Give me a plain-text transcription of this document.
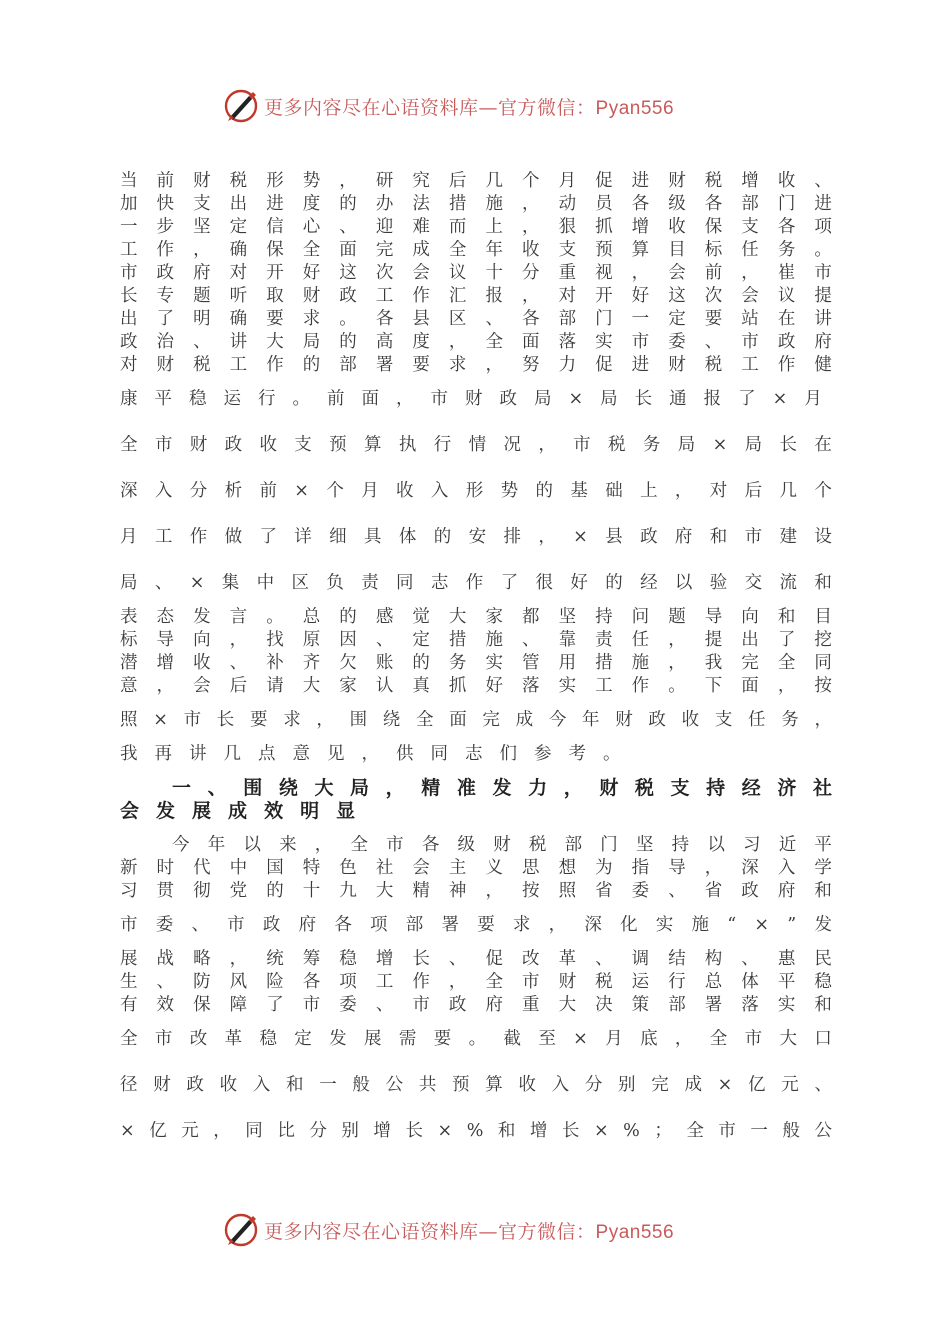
更多内容尽在心语资料库—官方微信：Pyan556
当 前 财 税 形 势 ， 研 究 后 几 个 月 促 进 财 税 增 收 、
加 快 支 出 进 度 的 办 法 措 施 ， 动 员 各 级 各 部 门 进
一 步 坚 定 信 心 、 迎 难 而 上 ， 狠 抓 增 收 保 支 各 项
工 作 ， 确 保 全 面 完 成 全 年 收 支 预 算 目 标 任 务 。
市 政 府 对 开 好 这 次 会 议 十 分 重 视 ， 会 前 ， 崔 市
长 专 题 听 取 财 政 工 作 汇 报 ， 对 开 好 这 次 会 议 提
出 了 明 确 要 求 。 各 县 区 、 各 部 门 一 定 要 站 在 讲
政 治 、 讲 大 局 的 高 度 ， 全 面 落 实 市 委 、 市 政 府
对 财 税 工 作 的 部 署 要 求 ， 努 力 促 进 财 税 工 作 健
康 平 稳 运 行 。 前 面 ， 市 财 政 局 × 局 长 通 报 了 × 月
全 市 财 政 收 支 预 算 执 行 情 况 ， 市 税 务 局 × 局 长 在
深 入 分 析 前 × 个 月 收 入 形 势 的 基 础 上 ， 对 后 几 个
月 工 作 做 了 详 细 具 体 的 安 排 ， × 县 政 府 和 市 建 设
局 、 × 集 中 区 负 责 同 志 作 了 很 好 的 经 以 验 交 流 和
表 态 发 言 。 总 的 感 觉 大 家 都 坚 持 问 题 导 向 和 目
标 导 向 ， 找 原 因 、 定 措 施 、 靠 责 任 ， 提 出 了 挖
潜 增 收 、 补 齐 欠 账 的 务 实 管 用 措 施 ， 我 完 全 同
意 ， 会 后 请 大 家 认 真 抓 好 落 实 工 作 。 下 面 ， 按
照 × 市 长 要 求 ， 围 绕 全 面 完 成 今 年 财 政 收 支 任 务 ，
我 再 讲 几 点 意 见 ， 供 同 志 们 参 考 。
一 、 围 绕 大 局 ， 精 准 发 力 ， 财 税 支 持 经 济 社
会 发 展 成 效 明 显
今 年 以 来 ， 全 市 各 级 财 税 部 门 坚 持 以 习 近 平
新 时 代 中 国 特 色 社 会 主 义 思 想 为 指 导 ， 深 入 学
习 贯 彻 党 的 十 九 大 精 神 ， 按 照 省 委 、 省 政 府 和
市 委 、 市 政 府 各 项 部 署 要 求 ， 深 化 实 施 “ × ” 发
展 战 略 ， 统 筹 稳 增 长 、 促 改 革 、 调 结 构 、 惠 民
生 、 防 风 险 各 项 工 作 ， 全 市 财 税 运 行 总 体 平 稳
有 效 保 障 了 市 委 、 市 政 府 重 大 决 策 部 署 落 实 和
全 市 改 革 稳 定 发 展 需 要 。 截 至 × 月 底 ， 全 市 大 口
径 财 政 收 入 和 一 般 公 共 预 算 收 入 分 别 完 成 × 亿 元 、
× 亿 元 ， 同 比 分 别 增 长 × % 和 增 长 × % ； 全 市 一 般 公
更多内容尽在心语资料库—官方微信：Pyan556
